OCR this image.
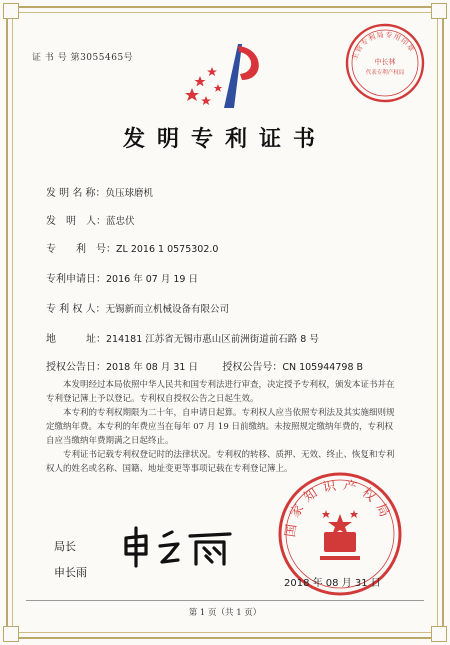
证 书 号 第3055465号	主管专利局专用印章
中长林
代表专利产权局
发明专利证书
发 明 名 称：负压球磨机
发　明　人：蓝忠伏
专　　利　号：ZL 2016 1 0575302.0
专利申请日：2016 年 07 月 19 日
专 利 权 人：无锡新而立机械设备有限公司
地　　　址：214181 江苏省无锡市惠山区前洲街道前石路 8 号
授权公告日：2018 年 08 月 31 日 授权公告号：CN 105944798 B

本发明经过本局依照中华人民共和国专利法进行审查，决定授予专利权，颁发本证书并在专利登记簿上予以登记。专利权自授权公告之日起生效。

本专利的专利权期限为二十年，自申请日起算。专利权人应当依照专利法及其实施细则规定缴纳年费。本专利的年费应当在每年 07 月 19 日前缴纳。未按照规定缴纳年费的，专利权自应当缴纳年费期满之日起终止。

专利证书记载专利权登记时的法律状况。专利权的转移、质押、无效、终止、恢复和专利权人的姓名或名称、国籍、地址变更等事项记载在专利登记簿上。

局长
申长雨
国家知识产权局
2018 年 08 月 31 日
第 1 页（共 1 页）
